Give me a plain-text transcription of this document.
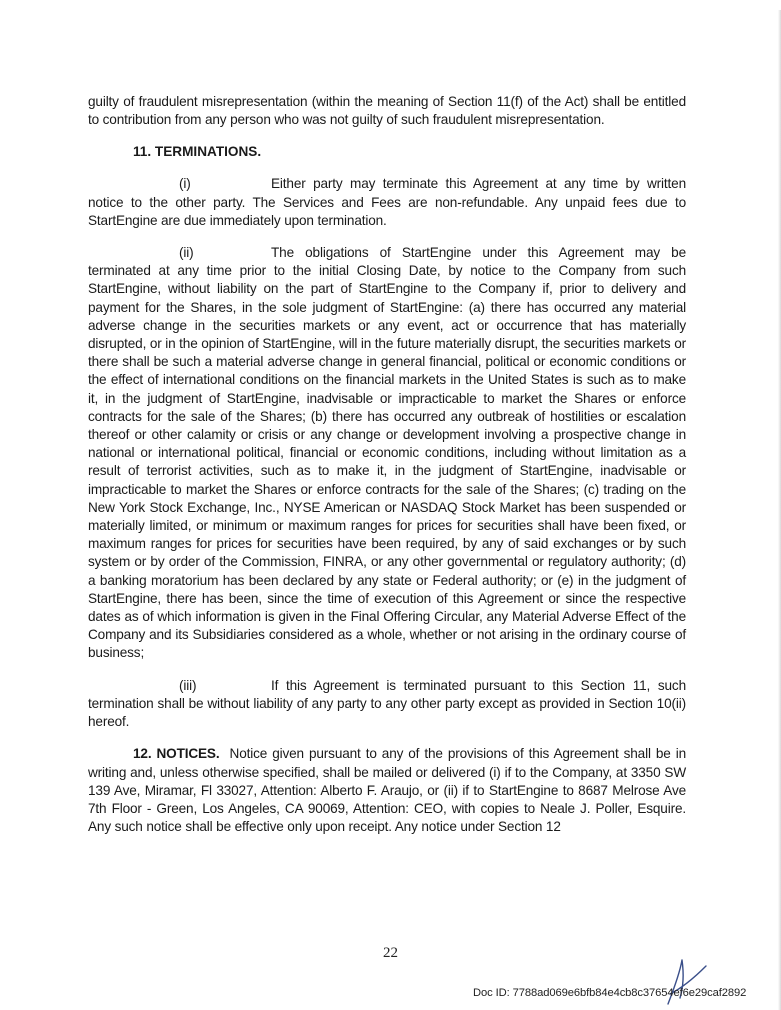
guilty of fraudulent misrepresentation (within the meaning of Section 11(f) of the Act) shall be entitled to contribution from any person who was not guilty of such fraudulent misrepresentation.

11. TERMINATIONS.

(i)	Either party may terminate this Agreement at any time by written notice to the other party. The Services and Fees are non-refundable. Any unpaid fees due to StartEngine are due immediately upon termination.

(ii)	The obligations of StartEngine under this Agreement may be terminated at any time prior to the initial Closing Date, by notice to the Company from such StartEngine, without liability on the part of StartEngine to the Company if, prior to delivery and payment for the Shares, in the sole judgment of StartEngine: (a) there has occurred any material adverse change in the securities markets or any event, act or occurrence that has materially disrupted, or in the opinion of StartEngine, will in the future materially disrupt, the securities markets or there shall be such a material adverse change in general financial, political or economic conditions or the effect of international conditions on the financial markets in the United States is such as to make it, in the judgment of StartEngine, inadvisable or impracticable to market the Shares or enforce contracts for the sale of the Shares; (b) there has occurred any outbreak of hostilities or escalation thereof or other calamity or crisis or any change or development involving a prospective change in national or international political, financial or economic conditions, including without limitation as a result of terrorist activities, such as to make it, in the judgment of StartEngine, inadvisable or impracticable to market the Shares or enforce contracts for the sale of the Shares; (c) trading on the New York Stock Exchange, Inc., NYSE American or NASDAQ Stock Market has been suspended or materially limited, or minimum or maximum ranges for prices for securities shall have been fixed, or maximum ranges for prices for securities have been required, by any of said exchanges or by such system or by order of the Commission, FINRA, or any other governmental or regulatory authority; (d) a banking moratorium has been declared by any state or Federal authority; or (e) in the judgment of StartEngine, there has been, since the time of execution of this Agreement or since the respective dates as of which information is given in the Final Offering Circular, any Material Adverse Effect of the Company and its Subsidiaries considered as a whole, whether or not arising in the ordinary course of business;

(iii)	If this Agreement is terminated pursuant to this Section 11, such termination shall be without liability of any party to any other party except as provided in Section 10(ii) hereof.

12. NOTICES. Notice given pursuant to any of the provisions of this Agreement shall be in writing and, unless otherwise specified, shall be mailed or delivered (i) if to the Company, at 3350 SW 139 Ave, Miramar, Fl 33027, Attention: Alberto F. Araujo, or (ii) if to StartEngine to 8687 Melrose Ave 7th Floor - Green, Los Angeles, CA 90069, Attention: CEO, with copies to Neale J. Poller, Esquire. Any such notice shall be effective only upon receipt. Any notice under Section 12

22
Doc ID: 7788ad069e6bfb84e4cb8c37654ef6e29caf2892
